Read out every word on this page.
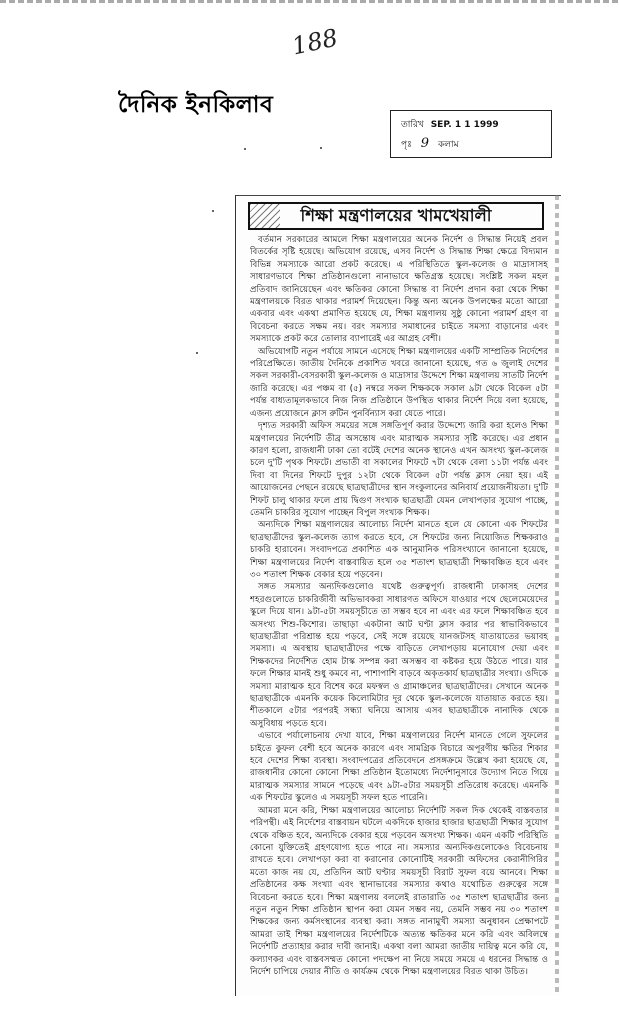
188
দৈনিক ইনকিলাব
তারিখ SEP. 1 1 1999
পৃঃ 9 কলাম
শিক্ষা মন্ত্রণালয়ের খামখেয়ালী

বর্তমান সরকারের আমলে শিক্ষা মন্ত্রণালয়ের অনেক নির্দেশ ও সিদ্ধান্ত নিয়েই প্রবল বিতর্কের সৃষ্টি হয়েছে। অভিযোগ রয়েছে, এসব নির্দেশ ও সিদ্ধান্ত শিক্ষা ক্ষেত্রে বিদ্যমান বিভিন্ন সমস্যাকে আরো প্রকট করেছে। এ পরিস্থিতিতে স্কুল-কলেজ ও মাদ্রাসাসহ সাধারণভাবে শিক্ষা প্রতিষ্ঠানগুলো নানাভাবে ক্ষতিগ্রস্ত হয়েছে। সংশ্লিষ্ট সকল মহল প্রতিবাদ জানিয়েছেন এবং ক্ষতিকর কোনো সিদ্ধান্ত বা নির্দেশ প্রদান করা থেকে শিক্ষা মন্ত্রণালয়কে বিরত থাকার পরামর্শ দিয়েছেন। কিন্তু অন্য অনেক উপলক্ষের মতো আরো একবার এবং একথা প্রমাণিত হয়েছে যে, শিক্ষা মন্ত্রণালয় সুষ্ঠু কোনো পরামর্শ গ্রহণ বা বিবেচনা করতে সক্ষম নয়। বরং সমস্যার সমাধানের চাইতে সমস্যা বাড়ানোর এবং সমস্যাকে প্রকট করে তোলার ব্যাপারেই এর আগ্রহ বেশী।

অভিযোগটি নতুন পর্যায়ে সামনে এসেছে শিক্ষা মন্ত্রণালয়ের একটি সাম্প্রতিক নির্দেশের পরিপ্রেক্ষিতে। জাতীয় দৈনিকে প্রকাশিত খবরে জানানো হয়েছে, গত ৬ জুলাই দেশের সকল সরকারী-বেসরকারী স্কুল-কলেজ ও মাদ্রাসার উদ্দেশে শিক্ষা মন্ত্রণালয় সাতটি নির্দেশ জারি করেছে। এর পঞ্চম বা (৫) নম্বরে সকল শিক্ষককে সকাল ৯টা থেকে বিকেল ৫টা পর্যন্ত বাধ্যতামূলকভাবে নিজ নিজ প্রতিষ্ঠানে উপস্থিত থাকার নির্দেশ দিয়ে বলা হয়েছে, এজন্য প্রয়োজনে ক্লাস রুটিন পুনর্বিন্যাস করা যেতে পারে।

দৃশ্যত সরকারী অফিস সময়ের সঙ্গে সঙ্গতিপূর্ণ করার উদ্দেশ্যে জারি করা হলেও শিক্ষা মন্ত্রণালয়ের নির্দেশটি তীব্র অসন্তোষ এবং মারাত্মক সমস্যার সৃষ্টি করেছে। এর প্রধান কারণ হলো, রাজধানী ঢাকা তো বটেই দেশের অনেক স্থানেও এখন অসংখ্য স্কুল-কলেজ চলে দু'টি পৃথক শিফটে। প্রভাতী বা সকালের শিফটে ৭টা থেকে বেলা ১১টা পর্যন্ত এবং দিবা বা দিনের শিফটে দুপুর ১২টা থেকে বিকেল ৫টা পর্যন্ত ক্লাস নেয়া হয়। এই আয়োজনের পেছনে রয়েছে ছাত্রছাত্রীদের স্থান সংকুলানের অনিবার্য প্রয়োজনীয়তা। দু'টি শিফট চালু থাকার ফলে প্রায় দ্বিগুণ সংখ্যক ছাত্রছাত্রী যেমন লেখাপড়ার সুযোগ পাচ্ছে, তেমনি চাকরির সুযোগ পাচ্ছেন বিপুল সংখ্যক শিক্ষক।

অন্যদিকে শিক্ষা মন্ত্রণালয়ের আলোচ্য নির্দেশ মানতে হলে যে কোনো এক শিফটের ছাত্রছাত্রীদের স্কুল-কলেজ ত্যাগ করতে হবে, সে শিফটের জন্য নিয়োজিত শিক্ষকরাও চাকরি হারাবেন। সংবাদপত্রে প্রকাশিত এক আনুমানিক পরিসংখ্যানে জানানো হয়েছে, শিক্ষা মন্ত্রণালয়ের নির্দেশ বাস্তবায়িত হলে ৩৫ শতাংশ ছাত্রছাত্রী শিক্ষাবঞ্চিত হবে এবং ৩০ শতাংশ শিক্ষক বেকার হয়ে পড়বেন।

সঙ্গত সমস্যার অন্যদিকগুলোও যথেষ্ট গুরুত্বপূর্ণ। রাজধানী ঢাকাসহ দেশের শহরগুলোতে চাকরিজীবী অভিভাবকরা সাধারণত অফিসে যাওয়ার পথে ছেলেমেয়েদের স্কুলে দিয়ে যান। ৯টা-৫টা সময়সূচীতে তা সম্ভব হবে না এবং এর ফলে শিক্ষাবঞ্চিত হবে অসংখ্য শিশু-কিশোর। তাছাড়া একটানা আট ঘণ্টা ক্লাস করার পর স্বাভাবিকভাবে ছাত্রছাত্রীরা পরিশ্রান্ত হয়ে পড়বে, সেই সঙ্গে রয়েছে যানজটসহ যাতায়াতের ভয়াবহ সমস্যা। এ অবস্থায় ছাত্রছাত্রীদের পক্ষে বাড়িতে লেখাপড়ায় মনোযোগ দেয়া এবং শিক্ষকদের নির্দেশিত হোম টাস্ক সম্পন্ন করা অসম্ভব বা কষ্টকর হয়ে উঠতে পারে। যার ফলে শিক্ষার মানই শুধু কমবে না, পাশাপাশি বাড়বে অকৃতকার্য ছাত্রছাত্রীর সংখ্যা। ওদিকে সমস্যা মারাত্মক হবে বিশেষ করে মফস্বল ও গ্রামাঞ্চলের ছাত্রছাত্রীদের। সেখানে অনেক ছাত্রছাত্রীকে এমনকি কয়েক কিলোমিটার দূর থেকে স্কুল-কলেজে যাতায়াত করতে হয়। শীতকালে ৫টার পরপরই সন্ধ্যা ঘনিয়ে আসায় এসব ছাত্রছাত্রীকে নানাদিক থেকে অসুবিধায় পড়তে হবে।

এভাবে পর্যালোচনায় দেখা যাবে, শিক্ষা মন্ত্রণালয়ের নির্দেশ মানতে গেলে সুফলের চাইতে কুফল বেশী হবে অনেক কারণে এবং সামগ্রিক বিচারে অপূরণীয় ক্ষতির শিকার হবে দেশের শিক্ষা ব্যবস্থা। সংবাদপত্রের প্রতিবেদনে প্রসঙ্গক্রমে উল্লেখ করা হয়েছে যে, রাজধানীর কোনো কোনো শিক্ষা প্রতিষ্ঠান ইতোমধ্যে নির্দেশানুসারে উদ্যোগ নিতে গিয়ে মারাত্মক সমস্যার সামনে পড়েছে এবং ৯টা-৫টার সময়সূচী প্রতিরোধ করেছে। এমনকি এক শিফটের স্কুলেও এ সময়সূচী সফল হতে পারেনি।

আমরা মনে করি, শিক্ষা মন্ত্রণালয়ের আলোচ্য নির্দেশটি সকল দিক থেকেই বাস্তবতার পরিপন্থী। এই নির্দেশের বাস্তবায়ন ঘটলে একদিকে হাজার হাজার ছাত্রছাত্রী শিক্ষার সুযোগ থেকে বঞ্চিত হবে, অন্যদিকে বেকার হয়ে পড়বেন অসংখ্য শিক্ষক। এমন একটি পরিস্থিতি কোনো যুক্তিতেই গ্রহণযোগ্য হতে পারে না। সমস্যার অন্যদিকগুলোকেও বিবেচনায় রাখতে হবে। লেখাপড়া করা বা করানোর কোনোটিই সরকারী অফিসের কেরানীগিরির মতো কাজ নয় যে, প্রতিদিন আট ঘণ্টার সময়সূচী বিরাট সুফল বয়ে আনবে। শিক্ষা প্রতিষ্ঠানের কক্ষ সংখ্যা এবং স্থানাভাবের সমস্যার কথাও যথোচিত গুরুত্বের সঙ্গে বিবেচনা করতে হবে। শিক্ষা মন্ত্রণালয় বললেই রাতারাতি ৩৫ শতাংশ ছাত্রছাত্রীর জন্য নতুন নতুন শিক্ষা প্রতিষ্ঠান স্থাপন করা যেমন সম্ভব নয়, তেমনি সম্ভব নয় ৩০ শতাংশ শিক্ষকের জন্য কর্মসংস্থানের ব্যবস্থা করা। সঙ্গত নানামুখী সমস্যা অনুধাবন প্রেক্ষাপটে আমরা তাই শিক্ষা মন্ত্রণালয়ের নির্দেশটিকে অত্যন্ত ক্ষতিকর মনে করি এবং অবিলম্বে নির্দেশটি প্রত্যাহার করার দাবী জানাই। একথা বলা আমরা জাতীয় দায়িত্ব মনে করি যে, কল্যাণকর এবং বাস্তবসম্মত কোনো পদক্ষেপ না নিয়ে সময়ে সময়ে এ ধরনের সিদ্ধান্ত ও নির্দেশ চাপিয়ে দেয়ার নীতি ও কার্যক্রম থেকে শিক্ষা মন্ত্রণালয়ের বিরত থাকা উচিত।
